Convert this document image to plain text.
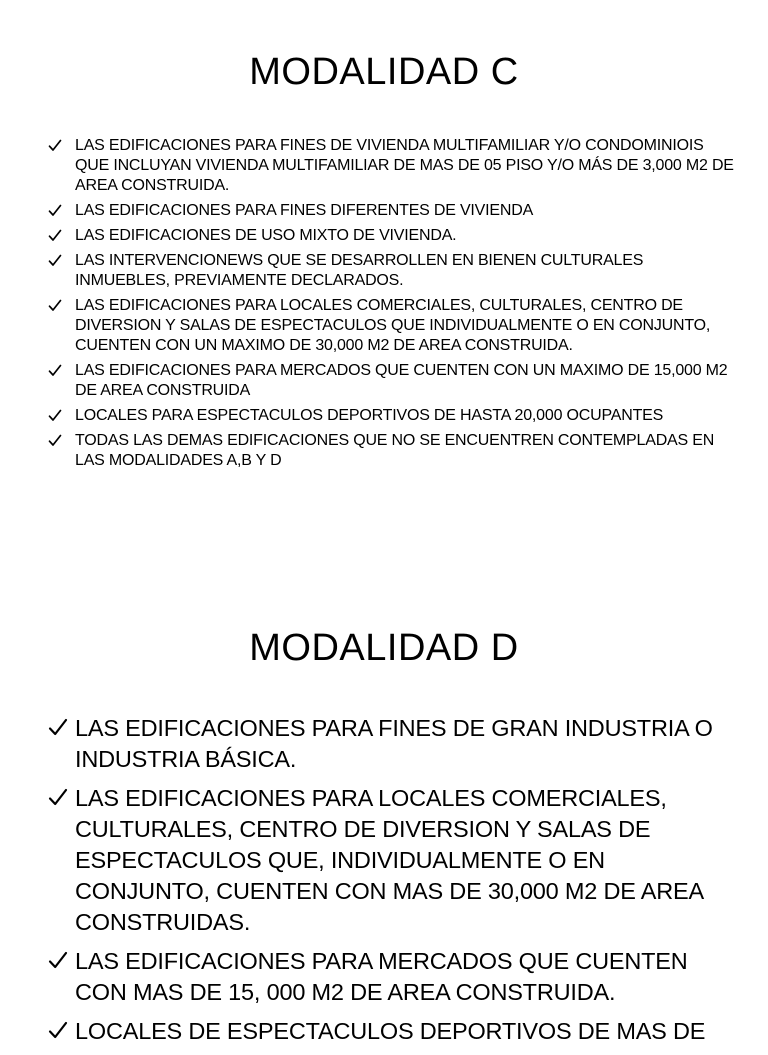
MODALIDAD C
LAS EDIFICACIONES PARA FINES DE VIVIENDA MULTIFAMILIAR Y/O CONDOMINIOIS QUE INCLUYAN VIVIENDA MULTIFAMILIAR DE MAS DE 05 PISO Y/O MÁS DE 3,000 M2 DE AREA CONSTRUIDA.
LAS EDIFICACIONES PARA FINES DIFERENTES DE VIVIENDA
LAS EDIFICACIONES DE USO MIXTO DE VIVIENDA.
LAS INTERVENCIONEWS QUE SE DESARROLLEN EN BIENEN CULTURALES INMUEBLES, PREVIAMENTE DECLARADOS.
LAS EDIFICACIONES PARA LOCALES COMERCIALES, CULTURALES, CENTRO DE DIVERSION Y SALAS DE ESPECTACULOS QUE INDIVIDUALMENTE O EN CONJUNTO, CUENTEN CON UN MAXIMO DE 30,000 M2 DE AREA CONSTRUIDA.
LAS EDIFICACIONES PARA MERCADOS QUE CUENTEN CON UN MAXIMO DE 15,000 M2 DE AREA CONSTRUIDA
LOCALES PARA ESPECTACULOS DEPORTIVOS DE HASTA 20,000 OCUPANTES
TODAS LAS DEMAS EDIFICACIONES QUE NO SE ENCUENTREN CONTEMPLADAS EN LAS MODALIDADES A,B Y D
MODALIDAD D
LAS EDIFICACIONES PARA FINES DE GRAN INDUSTRIA O INDUSTRIA BÁSICA.
LAS EDIFICACIONES PARA LOCALES COMERCIALES, CULTURALES, CENTRO DE DIVERSION Y SALAS DE ESPECTACULOS QUE, INDIVIDUALMENTE O EN CONJUNTO, CUENTEN CON MAS DE 30,000 M2 DE AREA CONSTRUIDAS.
LAS EDIFICACIONES PARA MERCADOS QUE CUENTEN CON MAS DE 15, 000 M2 DE AREA CONSTRUIDA.
LOCALES DE ESPECTACULOS DEPORTIVOS DE MAS DE
